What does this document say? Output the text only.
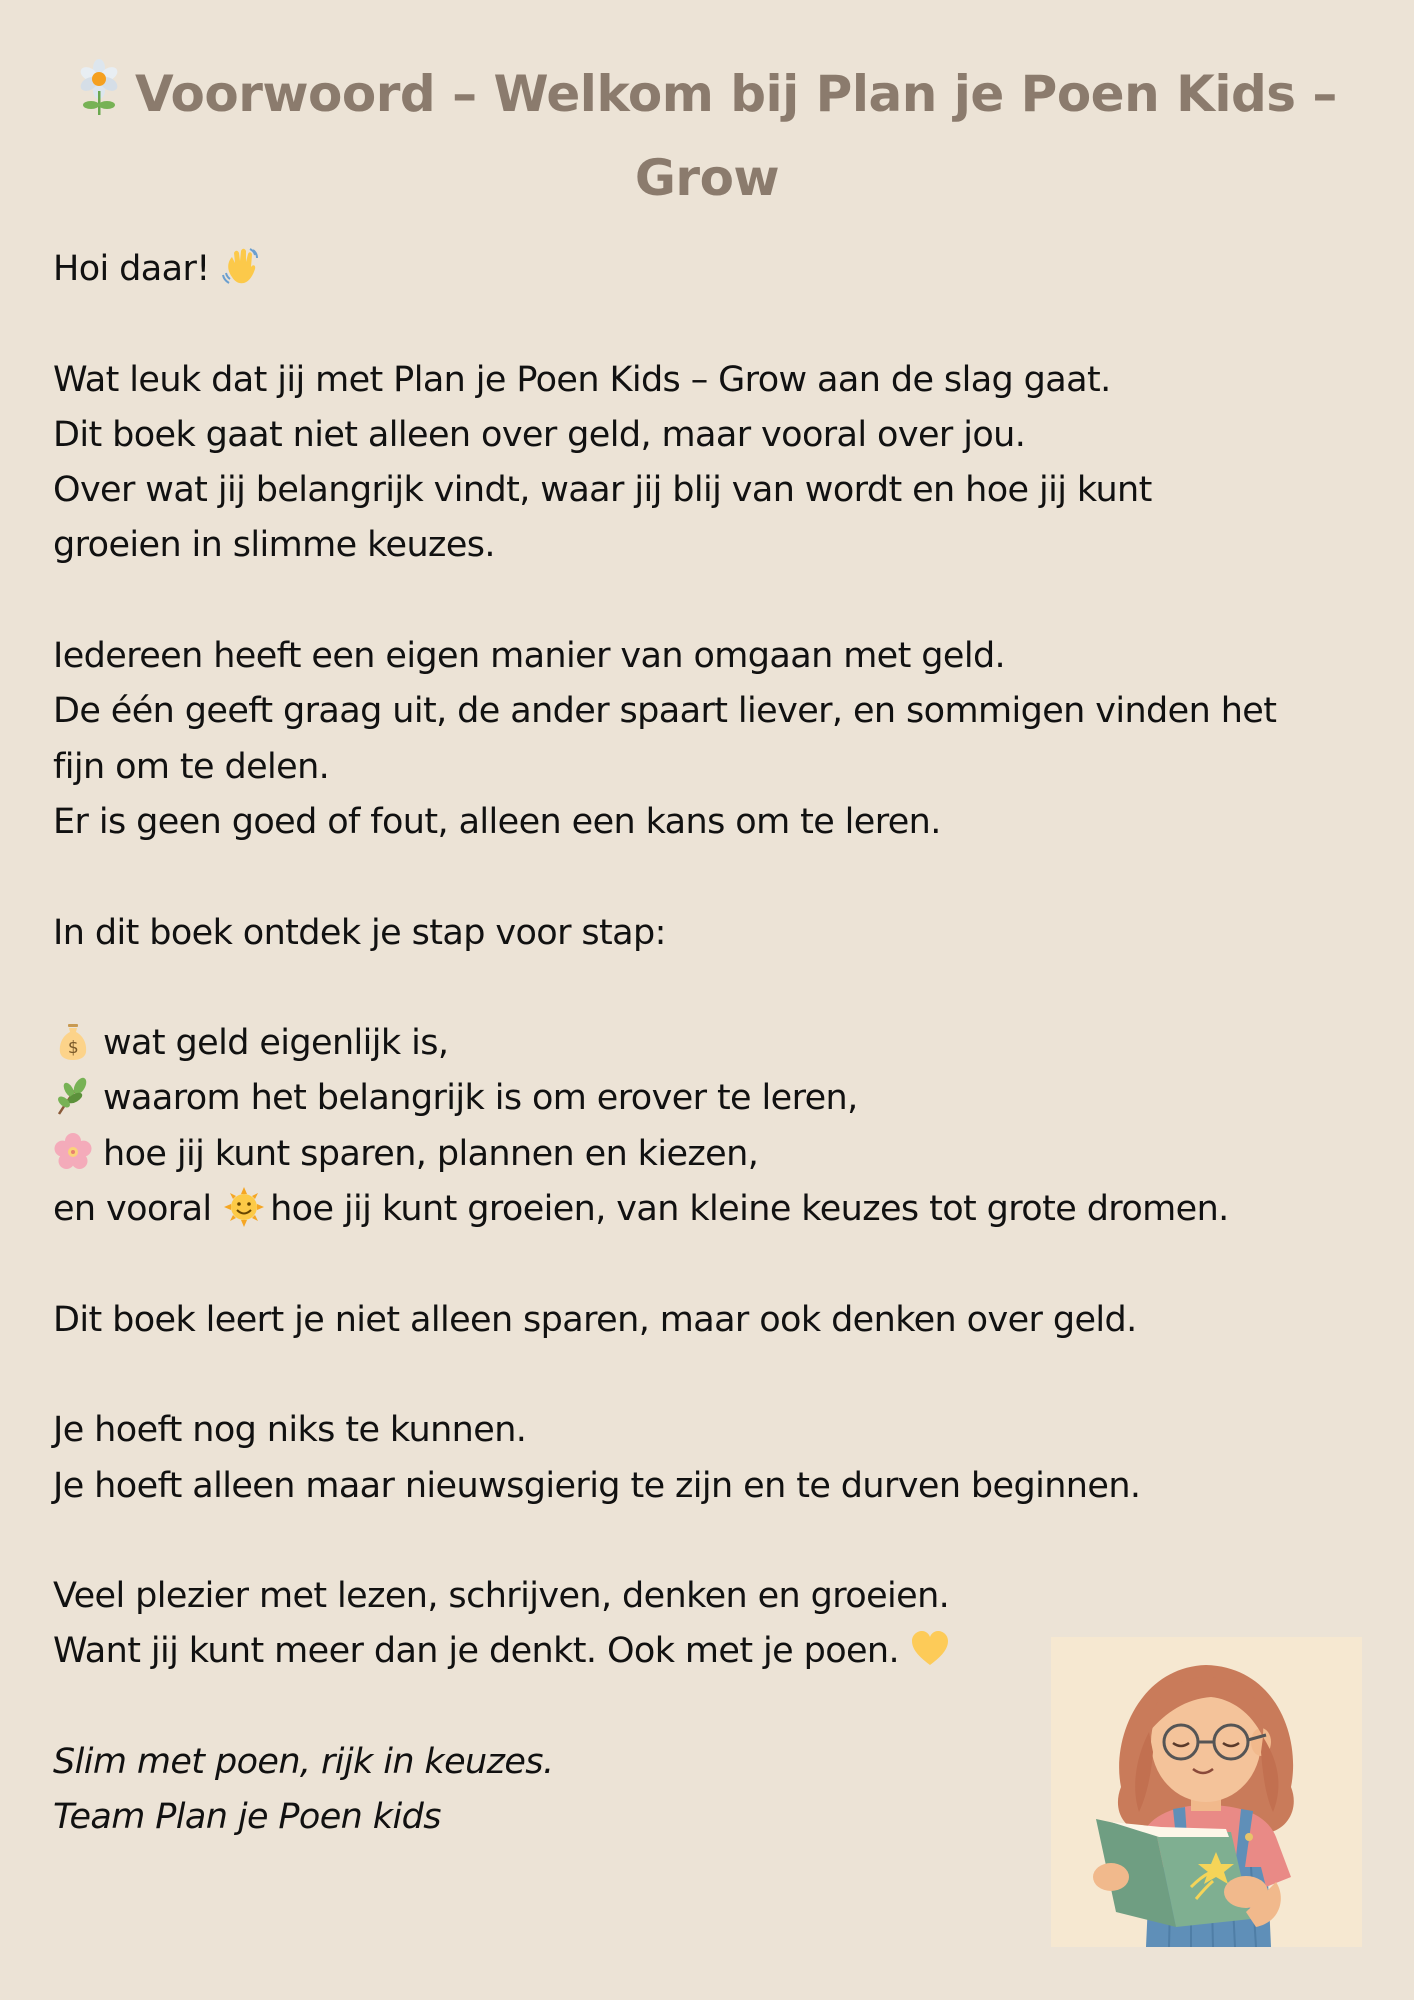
Voorwoord – Welkom bij Plan je Poen Kids – Grow

Hoi daar!

Wat leuk dat jij met Plan je Poen Kids – Grow aan de slag gaat.

Dit boek gaat niet alleen over geld, maar vooral over jou.

Over wat jij belangrijk vindt, waar jij blij van wordt en hoe jij kunt

groeien in slimme keuzes.

Iedereen heeft een eigen manier van omgaan met geld.

De één geeft graag uit, de ander spaart liever, en sommigen vinden het

fijn om te delen.

Er is geen goed of fout, alleen een kans om te leren.

In dit boek ontdek je stap voor stap:

$ wat geld eigenlijk is,

waarom het belangrijk is om erover te leren,

hoe jij kunt sparen, plannen en kiezen,

en vooral hoe jij kunt groeien, van kleine keuzes tot grote dromen.

Dit boek leert je niet alleen sparen, maar ook denken over geld.

Je hoeft nog niks te kunnen.

Je hoeft alleen maar nieuwsgierig te zijn en te durven beginnen.

Veel plezier met lezen, schrijven, denken en groeien.

Want jij kunt meer dan je denkt. Ook met je poen.

Slim met poen, rijk in keuzes.

Team Plan je Poen kids
